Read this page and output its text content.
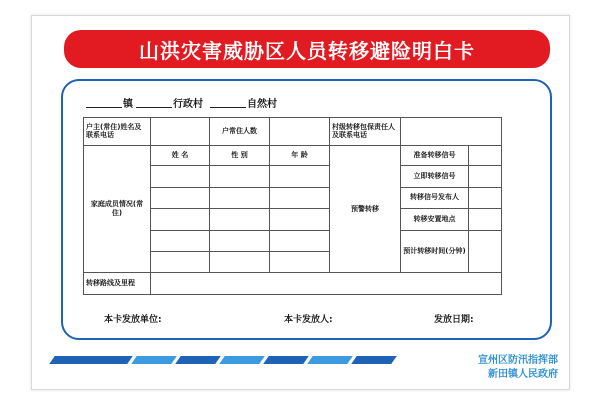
山洪灾害威胁区人员转移避险明白卡
镇	行政村	自然村
户主(常住)姓名及联系电话		户常住人数		村级转移包保责任人及联系电话		
家庭成员情况(常住)	姓 名	性 别	年 龄	预警转移	准备转移信号	
					立即转移信号	
					转移信号发布人	
					转移安置地点	
					预计转移时间(分钟)	

转移路线及里程						
本卡发放单位:	本卡发放人:	发放日期:
宣州区防汛指挥部
新田镇人民政府
